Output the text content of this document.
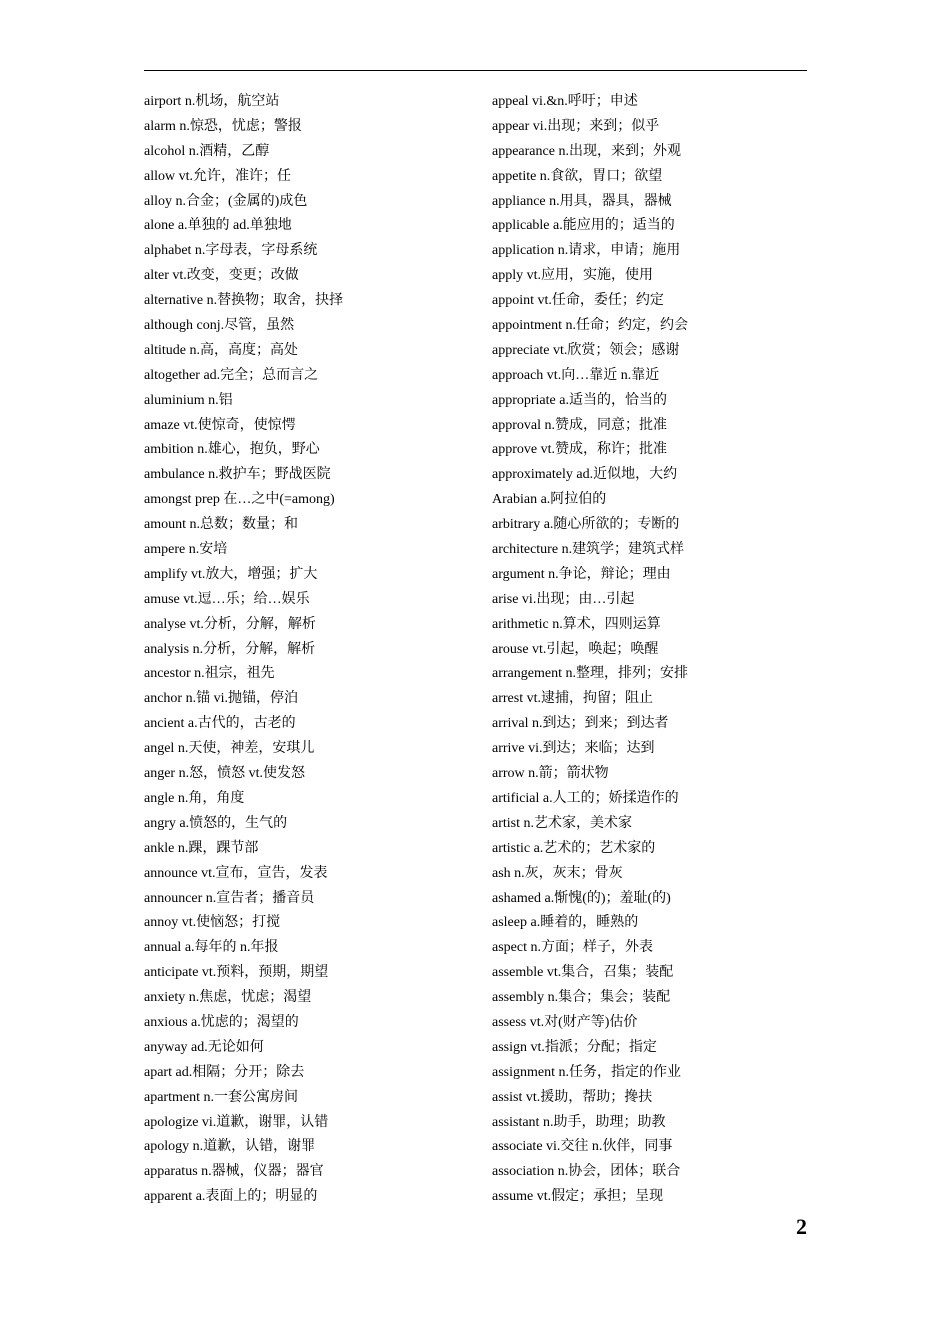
airport n.机场，航空站
alarm n.惊恐，忧虑；警报
alcohol n.酒精，乙醇
allow vt.允许，准许；任
alloy n.合金；(金属的)成色
alone a.单独的 ad.单独地
alphabet n.字母表，字母系统
alter vt.改变，变更；改做
alternative n.替换物；取舍，抉择
although conj.尽管，虽然
altitude n.高，高度；高处
altogether ad.完全；总而言之
aluminium n.铝
amaze vt.使惊奇，使惊愕
ambition n.雄心，抱负，野心
ambulance n.救护车；野战医院
amongst prep 在…之中(=among)
amount n.总数；数量；和
ampere n.安培
amplify vt.放大，增强；扩大
amuse vt.逗…乐；给…娱乐
analyse vt.分析，分解，解析
analysis n.分析，分解，解析
ancestor n.祖宗，祖先
anchor n.锚 vi.抛锚，停泊
ancient a.古代的，古老的
angel n.天使，神差，安琪儿
anger n.怒，愤怒 vt.使发怒
angle n.角，角度
angry a.愤怒的，生气的
ankle n.踝，踝节部
announce vt.宣布，宣告，发表
announcer n.宣告者；播音员
annoy vt.使恼怒；打搅
annual a.每年的 n.年报
anticipate vt.预料，预期，期望
anxiety n.焦虑，忧虑；渴望
anxious a.忧虑的；渴望的
anyway ad.无论如何
apart ad.相隔；分开；除去
apartment n.一套公寓房间
apologize vi.道歉，谢罪，认错
apology n.道歉，认错，谢罪
apparatus n.器械，仪器；器官
apparent a.表面上的；明显的
appeal vi.&n.呼吁；申述
appear vi.出现；来到；似乎
appearance n.出现，来到；外观
appetite n.食欲，胃口；欲望
appliance n.用具，器具，器械
applicable a.能应用的；适当的
application n.请求，申请；施用
apply vt.应用，实施，使用
appoint vt.任命，委任；约定
appointment n.任命；约定，约会
appreciate vt.欣赏；领会；感谢
approach vt.向…靠近 n.靠近
appropriate a.适当的，恰当的
approval n.赞成，同意；批准
approve vt.赞成，称许；批准
approximately ad.近似地，大约
Arabian a.阿拉伯的
arbitrary a.随心所欲的；专断的
architecture n.建筑学；建筑式样
argument n.争论，辩论；理由
arise vi.出现；由…引起
arithmetic n.算术，四则运算
arouse vt.引起，唤起；唤醒
arrangement n.整理，排列；安排
arrest vt.逮捕，拘留；阻止
arrival n.到达；到来；到达者
arrive vi.到达；来临；达到
arrow n.箭；箭状物
artificial a.人工的；娇揉造作的
artist n.艺术家，美术家
artistic a.艺术的；艺术家的
ash n.灰，灰末；骨灰
ashamed a.惭愧(的)；羞耻(的)
asleep a.睡着的，睡熟的
aspect n.方面；样子，外表
assemble vt.集合，召集；装配
assembly n.集合；集会；装配
assess vt.对(财产等)估价
assign vt.指派；分配；指定
assignment n.任务，指定的作业
assist vt.援助，帮助；搀扶
assistant n.助手，助理；助教
associate vi.交往 n.伙伴，同事
association n.协会，团体；联合
assume vt.假定；承担；呈现
2
